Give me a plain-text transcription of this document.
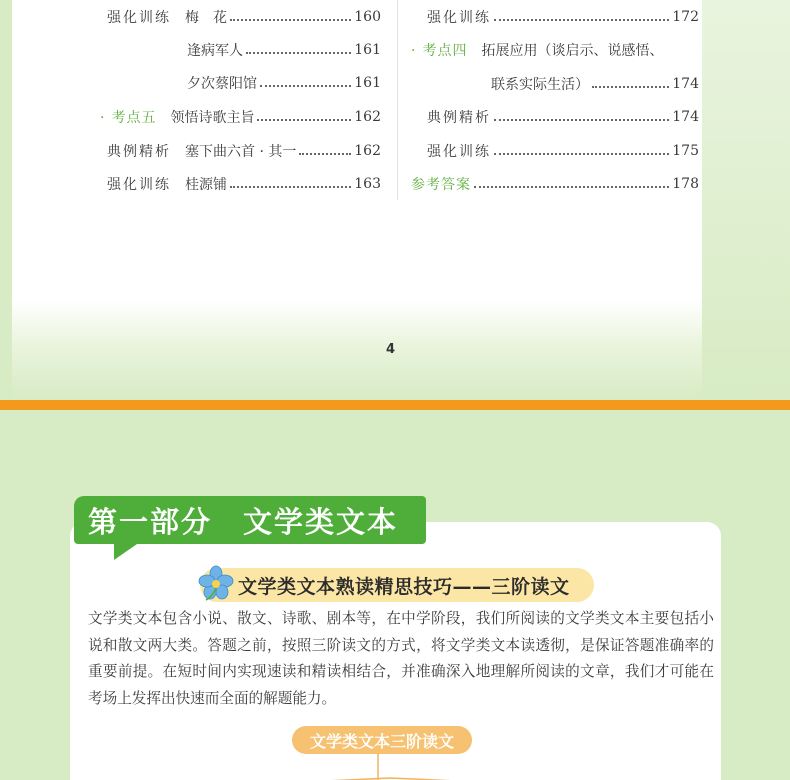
强化训练 梅　花	160
逢病军人	161
夕次蔡阳馆	161
· 考点五 领悟诗歌主旨	162
典例精析 塞下曲六首 · 其一	162
强化训练 桂源铺	163
强化训练	172
· 考点四 拓展应用（谈启示、说感悟、
联系实际生活）	174
典例精析	174
强化训练	175
参考答案	178
4
第一部分　文学类文本
文学类文本熟读精思技巧——三阶读文

文学类文本包含小说、散文、诗歌、剧本等，在中学阶段，我们所阅读的文学类文本主要包括小说和散文两大类。答题之前，按照三阶读文的方式，将文学类文本读透彻，是保证答题准确率的重要前提。在短时间内实现速读和精读相结合，并准确深入地理解所阅读的文章，我们才可能在考场上发挥出快速而全面的解题能力。

文学类文本三阶读文
